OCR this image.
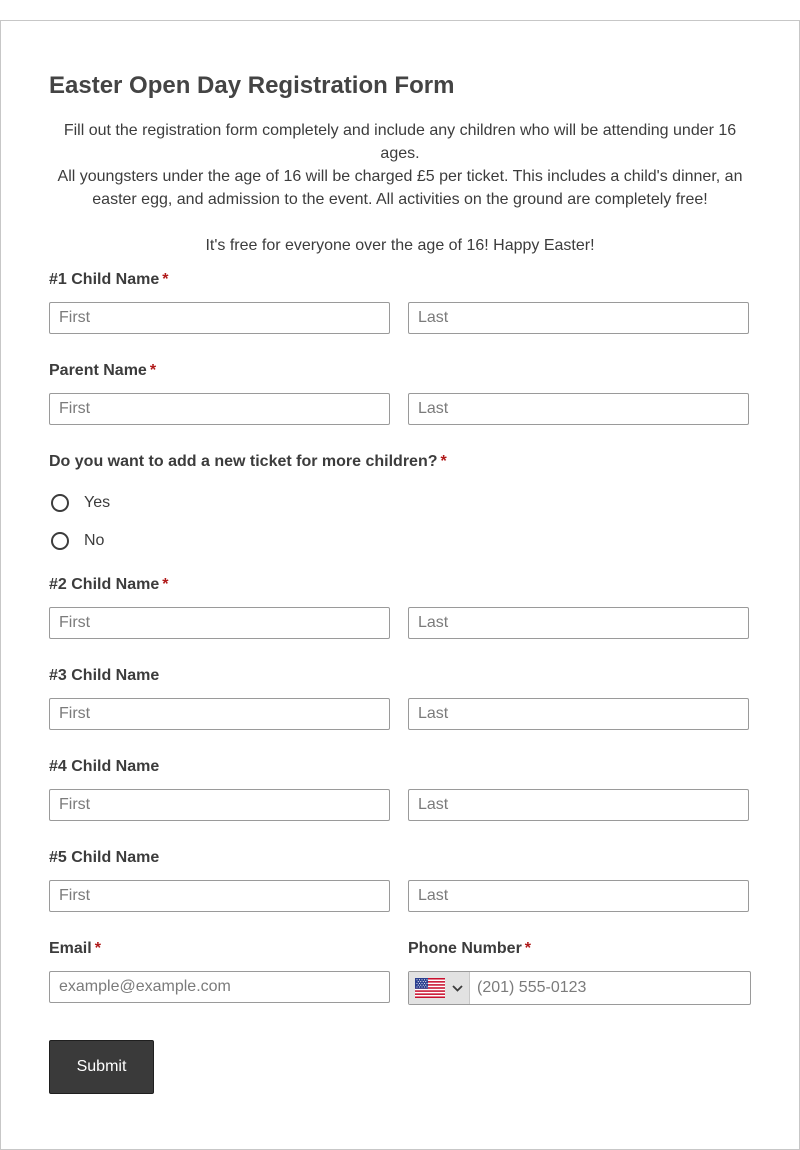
Easter Open Day Registration Form

Fill out the registration form completely and include any children who will be attending under 16 ages.

All youngsters under the age of 16 will be charged £5 per ticket. This includes a child's dinner, an easter egg, and admission to the event. All activities on the ground are completely free!

It's free for everyone over the age of 16! Happy Easter!

#1 Child Name *
First
Last
Parent Name *
First
Last
Do you want to add a new ticket for more children? *
Yes
No
#2 Child Name *
First
Last
#3 Child Name
First
Last
#4 Child Name
First
Last
#5 Child Name
First
Last
Email *
example@example.com	Phone Number *
(201) 555-0123
Submit
